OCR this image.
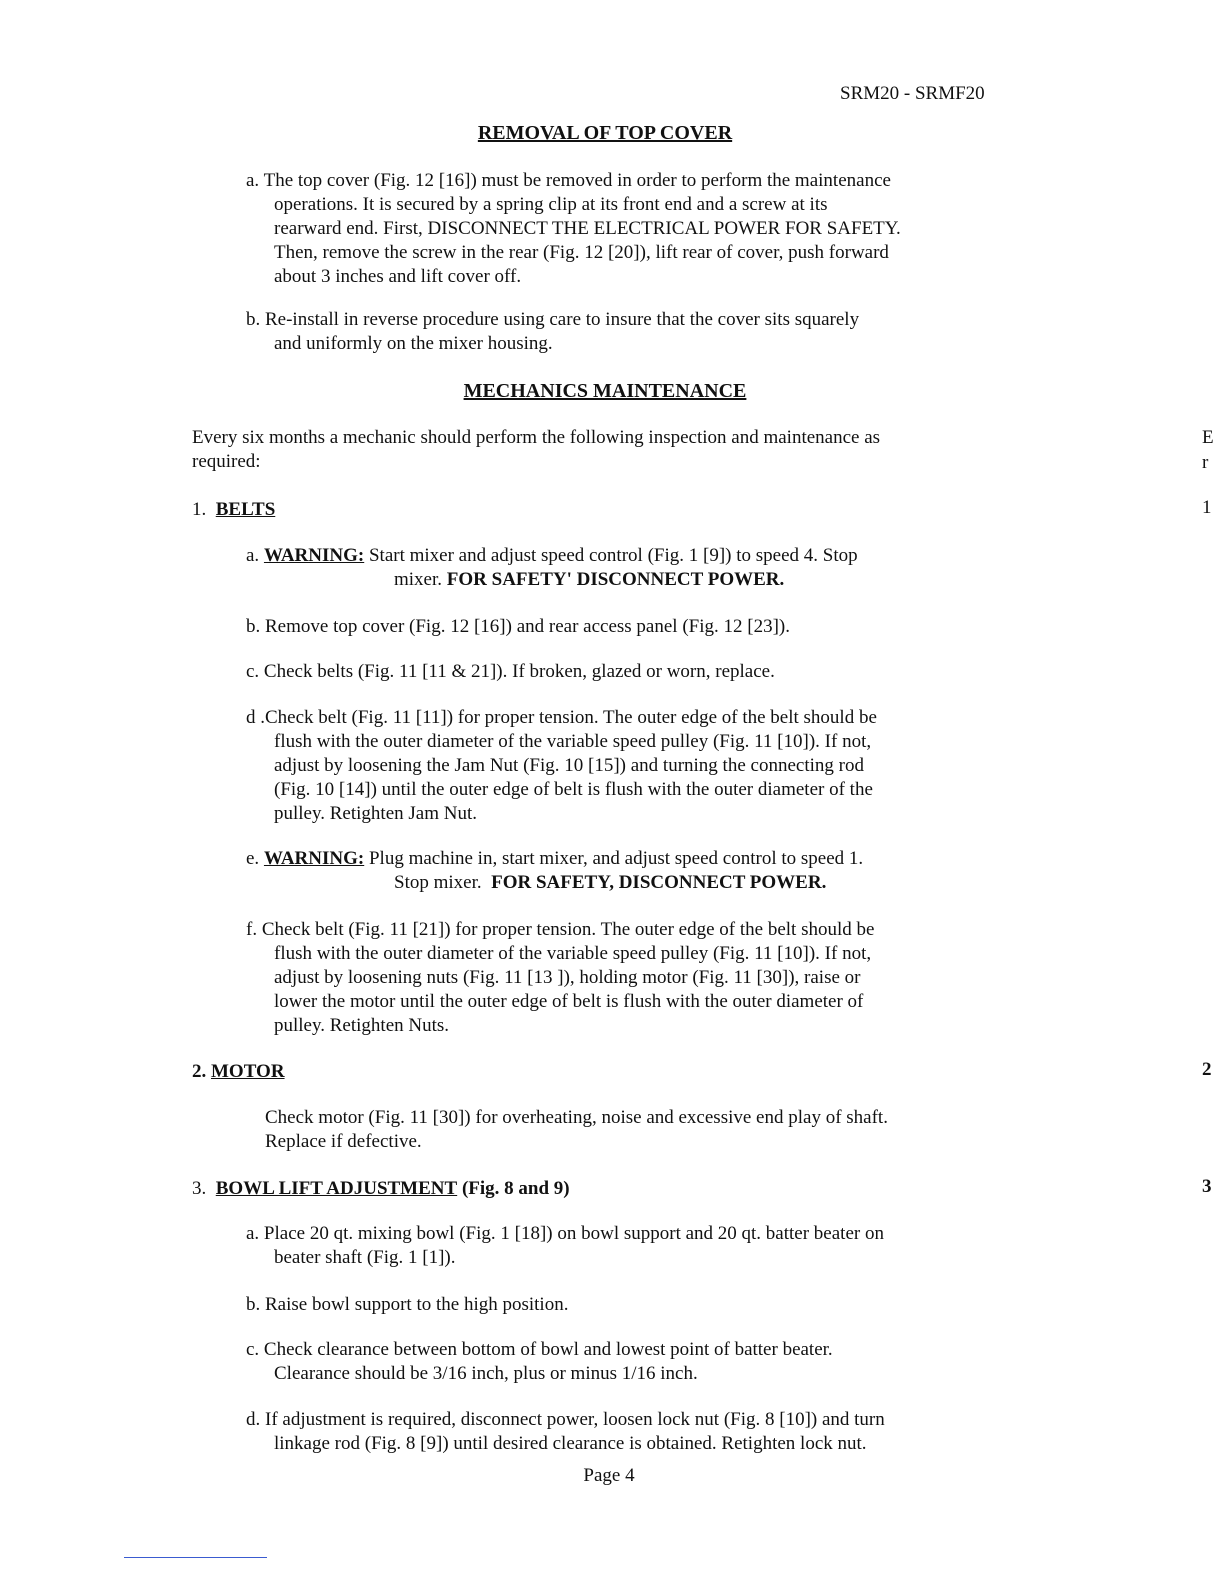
SRM20 - SRMF20
REMOVAL OF TOP COVER
a. The top cover (Fig. 12 [16]) must be removed in order to perform the maintenance
operations. It is secured by a spring clip at its front end and a screw at its
rearward end. First, DISCONNECT THE ELECTRICAL POWER FOR SAFETY.
Then, remove the screw in the rear (Fig. 12 [20]), lift rear of cover, push forward
about 3 inches and lift cover off.
b. Re-install in reverse procedure using care to insure that the cover sits squarely
and uniformly on the mixer housing.
MECHANICS MAINTENANCE
Every six months a mechanic should perform the following inspection and maintenance as
required:
1. BELTS
a. WARNING: Start mixer and adjust speed control (Fig. 1 [9]) to speed 4. Stop
mixer. FOR SAFETY' DISCONNECT POWER.
b. Remove top cover (Fig. 12 [16]) and rear access panel (Fig. 12 [23]).
c. Check belts (Fig. 11 [11 & 21]). If broken, glazed or worn, replace.
d .Check belt (Fig. 11 [11]) for proper tension. The outer edge of the belt should be
flush with the outer diameter of the variable speed pulley (Fig. 11 [10]). If not,
adjust by loosening the Jam Nut (Fig. 10 [15]) and turning the connecting rod
(Fig. 10 [14]) until the outer edge of belt is flush with the outer diameter of the
pulley. Retighten Jam Nut.
e. WARNING: Plug machine in, start mixer, and adjust speed control to speed 1.
Stop mixer. FOR SAFETY, DISCONNECT POWER.
f. Check belt (Fig. 11 [21]) for proper tension. The outer edge of the belt should be
flush with the outer diameter of the variable speed pulley (Fig. 11 [10]). If not,
adjust by loosening nuts (Fig. 11 [13 ]), holding motor (Fig. 11 [30]), raise or
lower the motor until the outer edge of belt is flush with the outer diameter of
pulley. Retighten Nuts.
2. MOTOR
Check motor (Fig. 11 [30]) for overheating, noise and excessive end play of shaft.
Replace if defective.
3. BOWL LIFT ADJUSTMENT (Fig. 8 and 9)
a. Place 20 qt. mixing bowl (Fig. 1 [18]) on bowl support and 20 qt. batter beater on
beater shaft (Fig. 1 [1]).
b. Raise bowl support to the high position.
c. Check clearance between bottom of bowl and lowest point of batter beater.
Clearance should be 3/16 inch, plus or minus 1/16 inch.
d. If adjustment is required, disconnect power, loosen lock nut (Fig. 8 [10]) and turn
linkage rod (Fig. 8 [9]) until desired clearance is obtained. Retighten lock nut.
E
r
1
2
3
Page 4
